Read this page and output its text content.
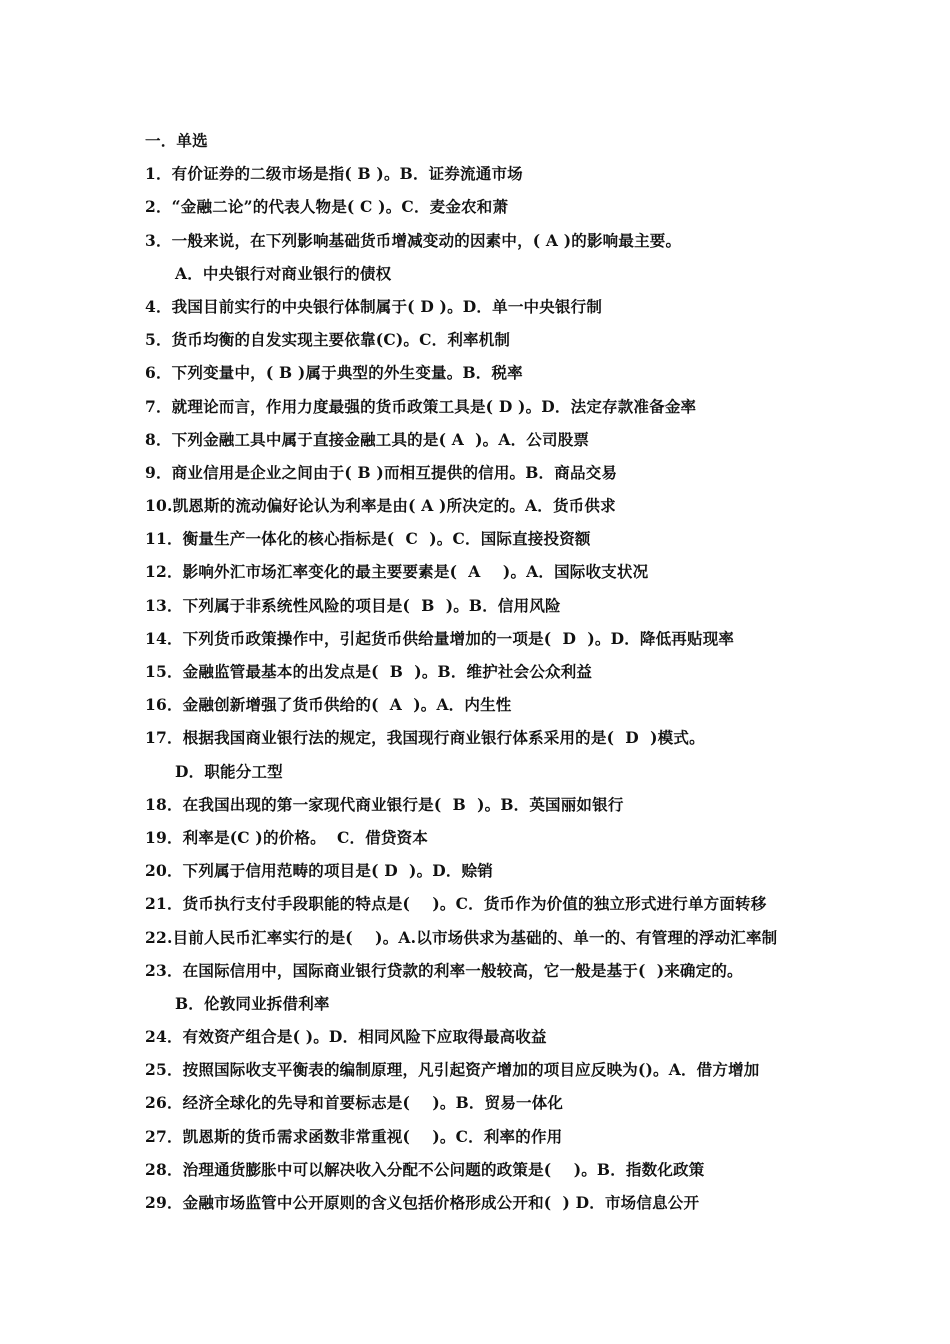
一．单选
1．有价证券的二级市场是指( B )。B．证券流通市场
2．“金融二论”的代表人物是( C )。C．麦金农和萧
3．一般来说，在下列影响基础货币增减变动的因素中，( A )的影响最主要。
A．中央银行对商业银行的债权
4．我国目前实行的中央银行体制属于( D )。D．单一中央银行制
5．货币均衡的自发实现主要依靠(C)。C．利率机制
6．下列变量中，( B )属于典型的外生变量。B．税率
7．就理论而言，作用力度最强的货币政策工具是( D )。D．法定存款准备金率
8．下列金融工具中属于直接金融工具的是( A  )。A．公司股票
9．商业信用是企业之间由于( B )而相互提供的信用。B．商品交易
10.凯恩斯的流动偏好论认为利率是由( A )所决定的。A．货币供求
11．衡量生产一体化的核心指标是(  C  )。C．国际直接投资额
12．影响外汇市场汇率变化的最主要要素是(  A    )。A．国际收支状况
13．下列属于非系统性风险的项目是(  B  )。B．信用风险
14．下列货币政策操作中，引起货币供给量增加的一项是(  D  )。D．降低再贴现率
15．金融监管最基本的出发点是(  B  )。B．维护社会公众利益
16．金融创新增强了货币供给的(  A  )。A．内生性
17．根据我国商业银行法的规定，我国现行商业银行体系采用的是(  D  )模式。
D．职能分工型
18．在我国出现的第一家现代商业银行是(  B  )。B．英国丽如银行
19．利率是(C )的价格。  C．借贷资本
20．下列属于信用范畴的项目是( D  )。D．赊销
21．货币执行支付手段职能的特点是(    )。C．货币作为价值的独立形式进行单方面转移
22.目前人民币汇率实行的是(    )。A.以市场供求为基础的、单一的、有管理的浮动汇率制
23．在国际信用中，国际商业银行贷款的利率一般较高，它一般是基于(  )来确定的。
B．伦敦同业拆借利率
24．有效资产组合是( )。D．相同风险下应取得最高收益
25．按照国际收支平衡表的编制原理，凡引起资产增加的项目应反映为()。A．借方增加
26．经济全球化的先导和首要标志是(    )。B．贸易一体化
27．凯恩斯的货币需求函数非常重视(    )。C．利率的作用
28．治理通货膨胀中可以解决收入分配不公问题的政策是(    )。B．指数化政策
29．金融市场监管中公开原则的含义包括价格形成公开和(  ) D．市场信息公开
